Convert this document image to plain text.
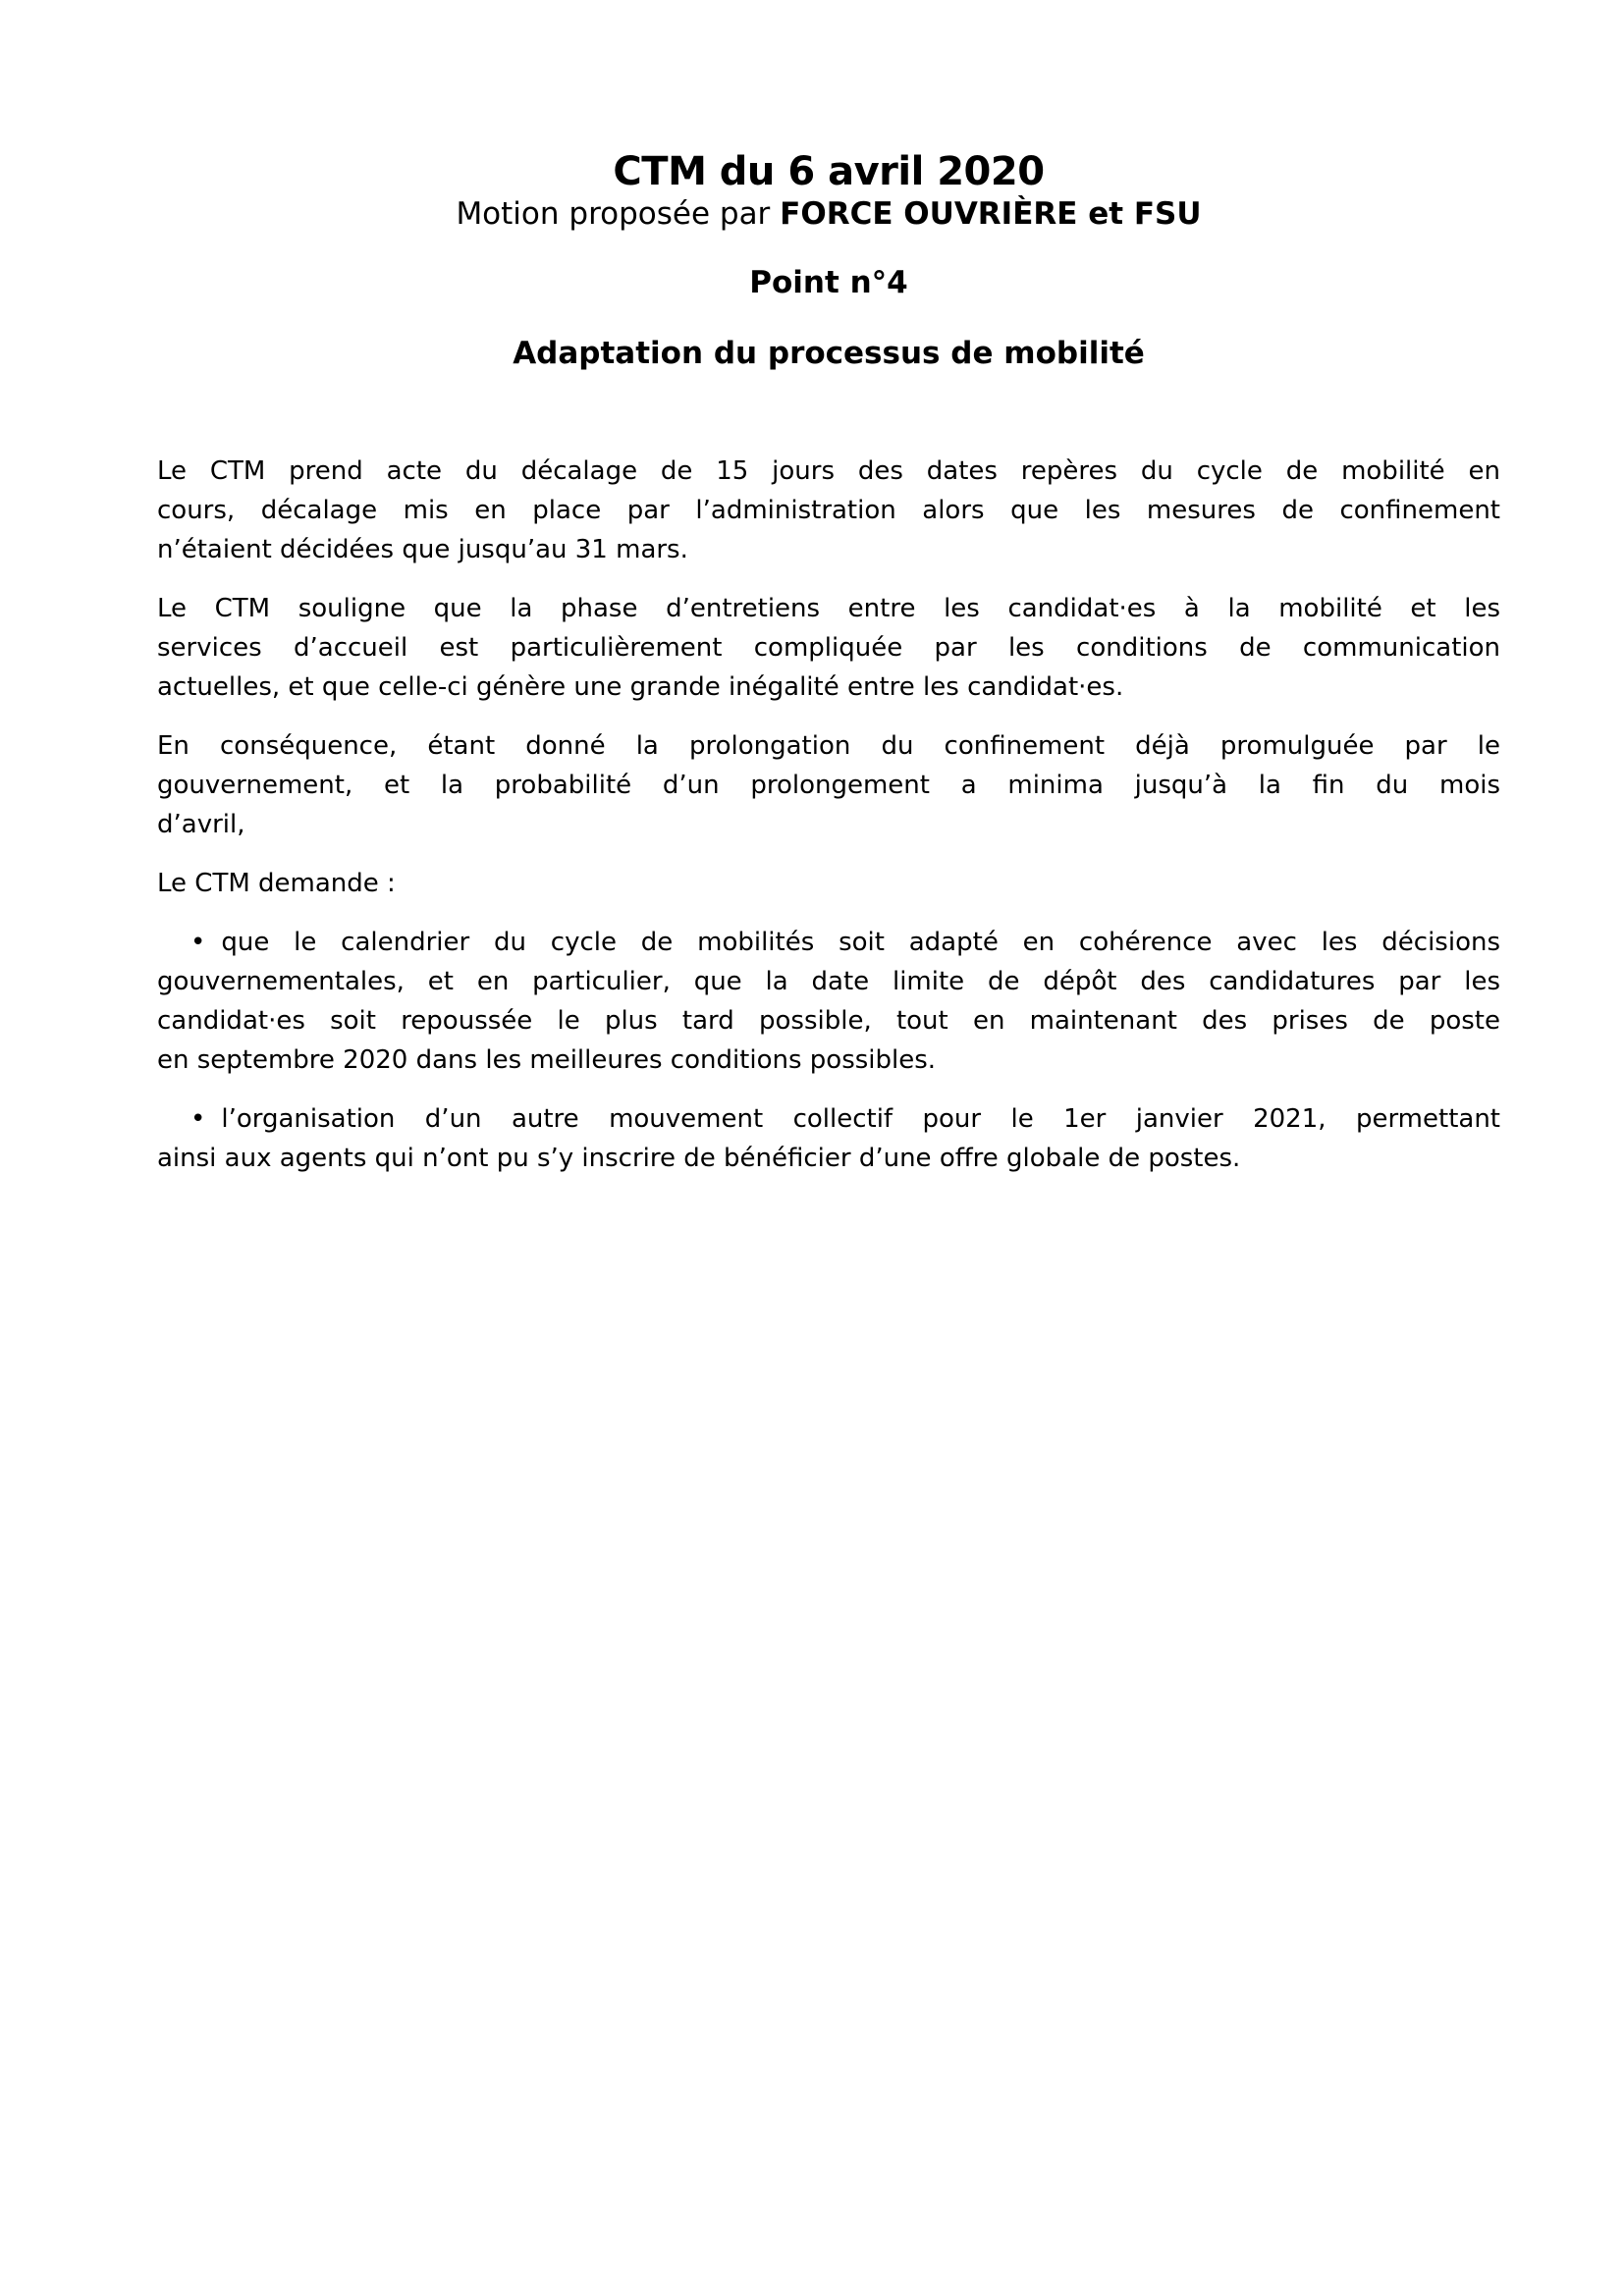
CTM du 6 avril 2020
Motion proposée par FORCE OUVRIÈRE et FSU
Point n°4
Adaptation du processus de mobilité
Le CTM prend acte du décalage de 15 jours des dates repères du cycle de mobilité en
cours, décalage mis en place par l’administration alors que les mesures de confinement
n’étaient décidées que jusqu’au 31 mars.
Le CTM souligne que la phase d’entretiens entre les candidat·es à la mobilité et les
services d’accueil est particulièrement compliquée par les conditions de communication
actuelles, et que celle-ci génère une grande inégalité entre les candidat·es.
En conséquence, étant donné la prolongation du confinement déjà promulguée par le
gouvernement, et la probabilité d’un prolongement a minima jusqu’à la fin du mois
d’avril,
Le CTM demande :
• que le calendrier du cycle de mobilités soit adapté en cohérence avec les décisions
gouvernementales, et en particulier, que la date limite de dépôt des candidatures par les
candidat·es soit repoussée le plus tard possible, tout en maintenant des prises de poste
en septembre 2020 dans les meilleures conditions possibles.
• l’organisation d’un autre mouvement collectif pour le 1er janvier 2021, permettant
ainsi aux agents qui n’ont pu s’y inscrire de bénéficier d’une offre globale de postes.
